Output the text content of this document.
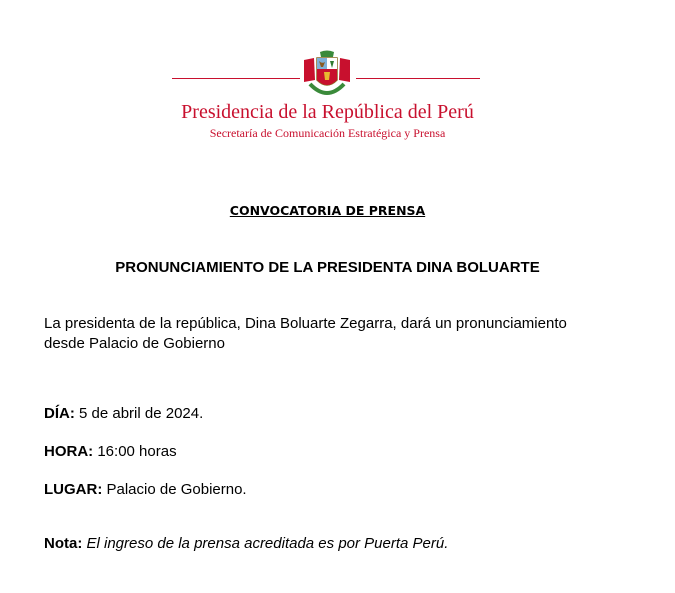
Presidencia de la República del Perú
Secretaría de Comunicación Estratégica y Prensa
CONVOCATORIA DE PRENSA
PRONUNCIAMIENTO DE LA PRESIDENTA DINA BOLUARTE
La presidenta de la república, Dina Boluarte Zegarra, dará un pronunciamiento
desde Palacio de Gobierno
DÍA: 5 de abril de 2024.
HORA: 16:00 horas
LUGAR: Palacio de Gobierno.
Nota: El ingreso de la prensa acreditada es por Puerta Perú.
